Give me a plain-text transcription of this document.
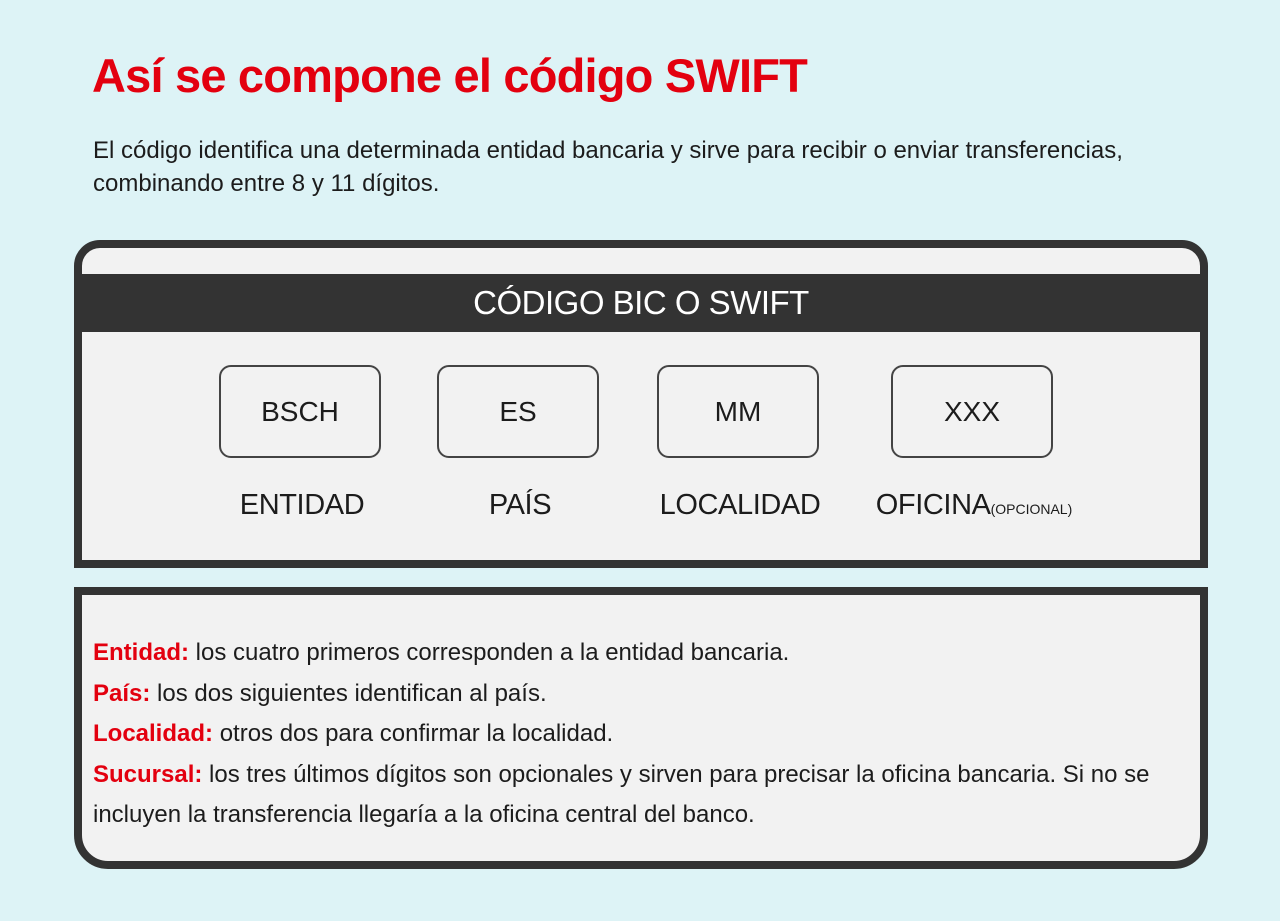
Así se compone el código SWIFT

El código identifica una determinada entidad bancaria y sirve para recibir o enviar transferencias, combinando entre 8 y 11 dígitos.

CÓDIGO BIC O SWIFT
BSCH	ES	MM	XXX
ENTIDAD	PAÍS	LOCALIDAD OFICINA(OPCIONAL)
Entidad: los cuatro primeros corresponden a la entidad bancaria.
País: los dos siguientes identifican al país.
Localidad: otros dos para confirmar la localidad.
Sucursal: los tres últimos dígitos son opcionales y sirven para precisar la oficina bancaria. Si no se incluyen la transferencia llegaría a la oficina central del banco.
